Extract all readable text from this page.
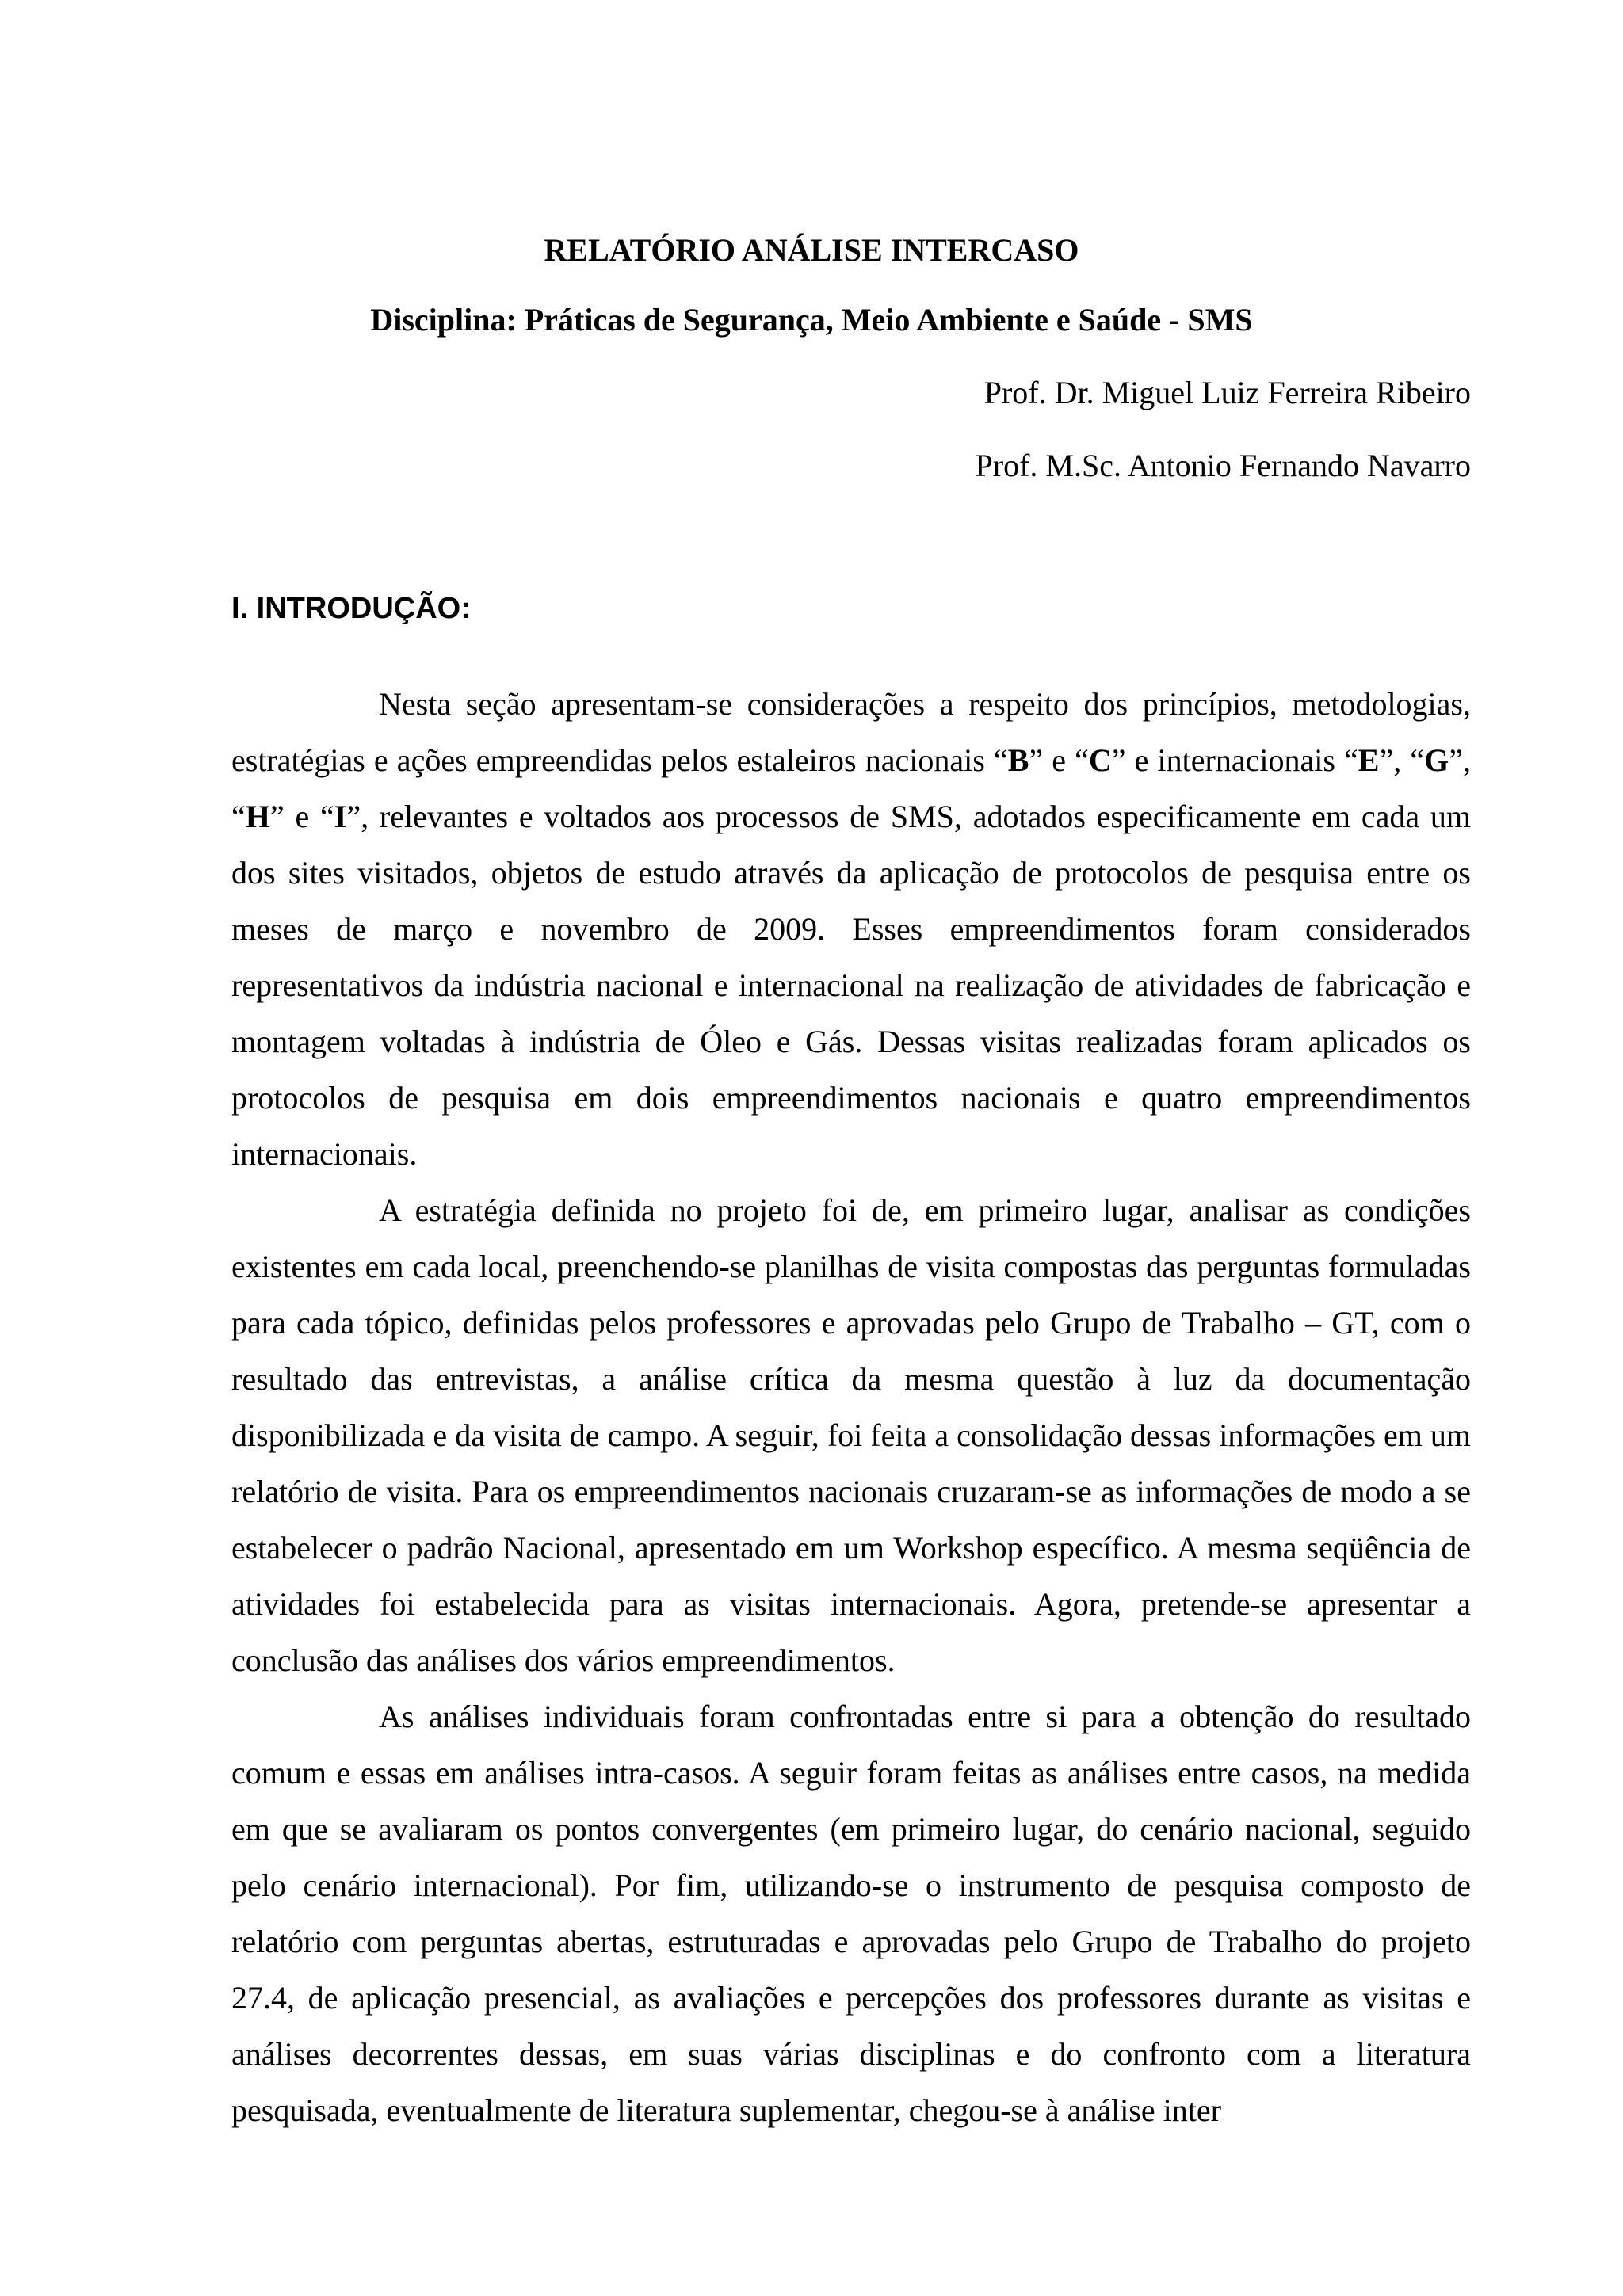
RELATÓRIO ANÁLISE INTERCASO
Disciplina: Práticas de Segurança, Meio Ambiente e Saúde - SMS
Prof. Dr. Miguel Luiz Ferreira Ribeiro
Prof. M.Sc. Antonio Fernando Navarro
I. INTRODUÇÃO:

Nesta seção apresentam-se considerações a respeito dos princípios, metodologias, estratégias e ações empreendidas pelos estaleiros nacionais “B” e “C” e internacionais “E”, “G”, “H” e “I”, relevantes e voltados aos processos de SMS, adotados especificamente em cada um dos sites visitados, objetos de estudo através da aplicação de protocolos de pesquisa entre os meses de março e novembro de 2009. Esses empreendimentos foram considerados representativos da indústria nacional e internacional na realização de atividades de fabricação e montagem voltadas à indústria de Óleo e Gás. Dessas visitas realizadas foram aplicados os protocolos de pesquisa em dois empreendimentos nacionais e quatro empreendimentos internacionais.

A estratégia definida no projeto foi de, em primeiro lugar, analisar as condições existentes em cada local, preenchendo-se planilhas de visita compostas das perguntas formuladas para cada tópico, definidas pelos professores e aprovadas pelo Grupo de Trabalho – GT, com o resultado das entrevistas, a análise crítica da mesma questão à luz da documentação disponibilizada e da visita de campo. A seguir, foi feita a consolidação dessas informações em um relatório de visita. Para os empreendimentos nacionais cruzaram-se as informações de modo a se estabelecer o padrão Nacional, apresentado em um Workshop específico. A mesma seqüência de atividades foi estabelecida para as visitas internacionais. Agora, pretende-se apresentar a conclusão das análises dos vários empreendimentos.

As análises individuais foram confrontadas entre si para a obtenção do resultado comum e essas em análises intra-casos. A seguir foram feitas as análises entre casos, na medida em que se avaliaram os pontos convergentes (em primeiro lugar, do cenário nacional, seguido pelo cenário internacional). Por fim, utilizando-se o instrumento de pesquisa composto de relatório com perguntas abertas, estruturadas e aprovadas pelo Grupo de Trabalho do projeto 27.4, de aplicação presencial, as avaliações e percepções dos professores durante as visitas e análises decorrentes dessas, em suas várias disciplinas e do confronto com a literatura pesquisada, eventualmente de literatura suplementar, chegou-se à análise inter
